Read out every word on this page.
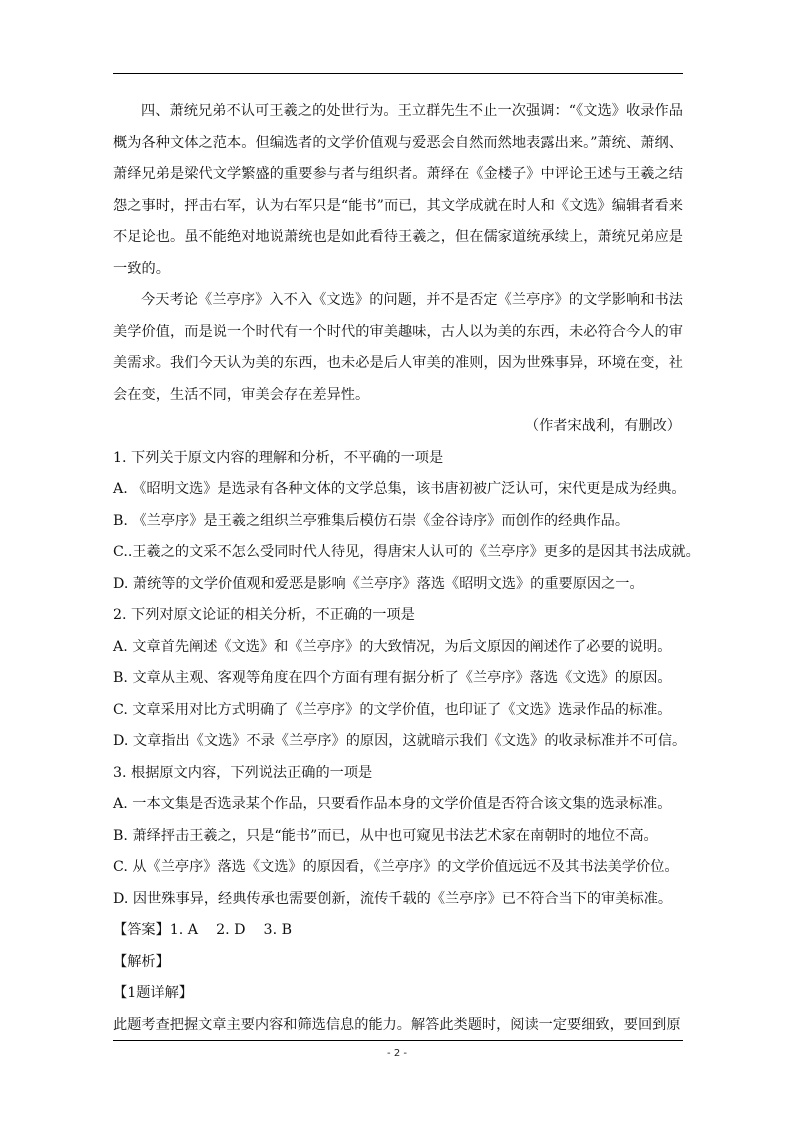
四、萧统兄弟不认可王羲之的处世行为。王立群先生不止一次强调：“《文选》收录作品概为各种文体之范本。但编选者的文学价值观与爱恶会自然而然地表露出来。”萧统、萧纲、萧绎兄弟是梁代文学繁盛的重要参与者与组织者。萧绎在《金楼子》中评论王述与王羲之结怨之事时，抨击右军，认为右军只是“能书”而已，其文学成就在时人和《文选》编辑者看来不足论也。虽不能绝对地说萧统也是如此看待王羲之，但在儒家道统承续上，萧统兄弟应是一致的。

今天考论《兰亭序》入不入《文选》的问题，并不是否定《兰亭序》的文学影响和书法美学价值，而是说一个时代有一个时代的审美趣味，古人以为美的东西，未必符合今人的审美需求。我们今天认为美的东西，也未必是后人审美的准则，因为世殊事异，环境在变，社会在变，生活不同，审美会存在差异性。

（作者宋战利，有删改）

1. 下列关于原文内容的理解和分析，不平确的一项是

A. 《昭明文选》是选录有各种文体的文学总集，该书唐初被广泛认可，宋代更是成为经典。

B. 《兰亭序》是王羲之组织兰亭雅集后模仿石崇《金谷诗序》而创作的经典作品。

C..王羲之的文采不怎么受同时代人待见，得唐宋人认可的《兰亭序》更多的是因其书法成就。

D. 萧统等的文学价值观和爱恶是影响《兰亭序》落选《昭明文选》的重要原因之一。

2. 下列对原文论证的相关分析，不正确的一项是

A. 文章首先阐述《文选》和《兰亭序》的大致情况，为后文原因的阐述作了必要的说明。

B. 文章从主观、客观等角度在四个方面有理有据分析了《兰亭序》落选《文选》的原因。

C. 文章采用对比方式明确了《兰亭序》的文学价值，也印证了《文选》选录作品的标准。

D. 文章指出《文选》不录《兰亭序》的原因，这就暗示我们《文选》的收录标准并不可信。

3. 根据原文内容，下列说法正确的一项是

A. 一本文集是否选录某个作品，只要看作品本身的文学价值是否符合该文集的选录标准。

B. 萧绎抨击王羲之，只是“能书”而已，从中也可窥见书法艺术家在南朝时的地位不高。

C. 从《兰亭序》落选《文选》的原因看，《兰亭序》的文学价值远远不及其书法美学价位。

D. 因世殊事异，经典传承也需要创新，流传千载的《兰亭序》已不符合当下的审美标准。

【答案】1. A    2. D    3. B

【解析】

【1题详解】

此题考查把握文章主要内容和筛选信息的能力。解答此类题时，阅读一定要细致，要回到原

- 2 -
